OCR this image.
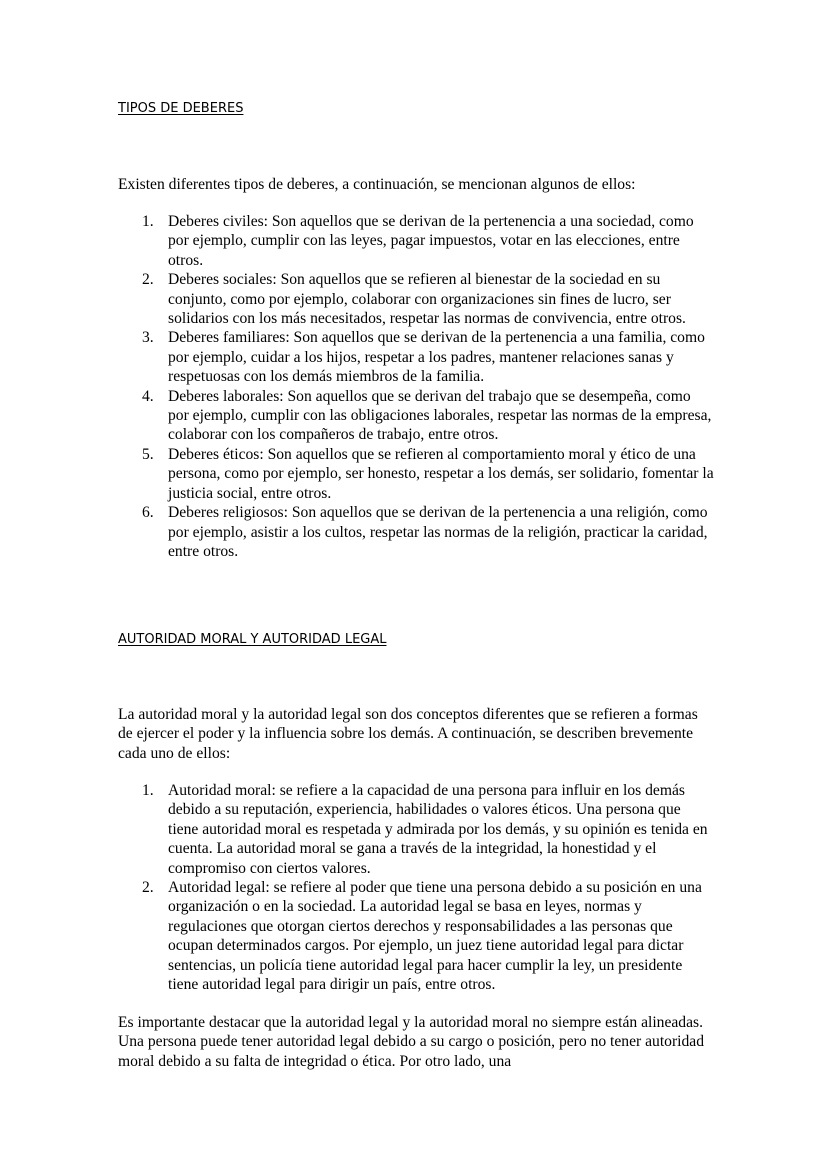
TIPOS DE DEBERES

Existen diferentes tipos de deberes, a continuación, se mencionan algunos de ellos:

1. Deberes civiles: Son aquellos que se derivan de la pertenencia a una sociedad, como por ejemplo, cumplir con las leyes, pagar impuestos, votar en las elecciones, entre otros.
2. Deberes sociales: Son aquellos que se refieren al bienestar de la sociedad en su conjunto, como por ejemplo, colaborar con organizaciones sin fines de lucro, ser solidarios con los más necesitados, respetar las normas de convivencia, entre otros.
3. Deberes familiares: Son aquellos que se derivan de la pertenencia a una familia, como por ejemplo, cuidar a los hijos, respetar a los padres, mantener relaciones sanas y respetuosas con los demás miembros de la familia.
4. Deberes laborales: Son aquellos que se derivan del trabajo que se desempeña, como por ejemplo, cumplir con las obligaciones laborales, respetar las normas de la empresa, colaborar con los compañeros de trabajo, entre otros.
5. Deberes éticos: Son aquellos que se refieren al comportamiento moral y ético de una persona, como por ejemplo, ser honesto, respetar a los demás, ser solidario, fomentar la justicia social, entre otros.
6. Deberes religiosos: Son aquellos que se derivan de la pertenencia a una religión, como por ejemplo, asistir a los cultos, respetar las normas de la religión, practicar la caridad, entre otros.
AUTORIDAD MORAL Y AUTORIDAD LEGAL

La autoridad moral y la autoridad legal son dos conceptos diferentes que se refieren a formas de ejercer el poder y la influencia sobre los demás. A continuación, se describen brevemente cada uno de ellos:

1. Autoridad moral: se refiere a la capacidad de una persona para influir en los demás debido a su reputación, experiencia, habilidades o valores éticos. Una persona que tiene autoridad moral es respetada y admirada por los demás, y su opinión es tenida en cuenta. La autoridad moral se gana a través de la integridad, la honestidad y el compromiso con ciertos valores.
2. Autoridad legal: se refiere al poder que tiene una persona debido a su posición en una organización o en la sociedad. La autoridad legal se basa en leyes, normas y regulaciones que otorgan ciertos derechos y responsabilidades a las personas que ocupan determinados cargos. Por ejemplo, un juez tiene autoridad legal para dictar sentencias, un policía tiene autoridad legal para hacer cumplir la ley, un presidente tiene autoridad legal para dirigir un país, entre otros.

Es importante destacar que la autoridad legal y la autoridad moral no siempre están alineadas. Una persona puede tener autoridad legal debido a su cargo o posición, pero no tener autoridad moral debido a su falta de integridad o ética. Por otro lado, una
